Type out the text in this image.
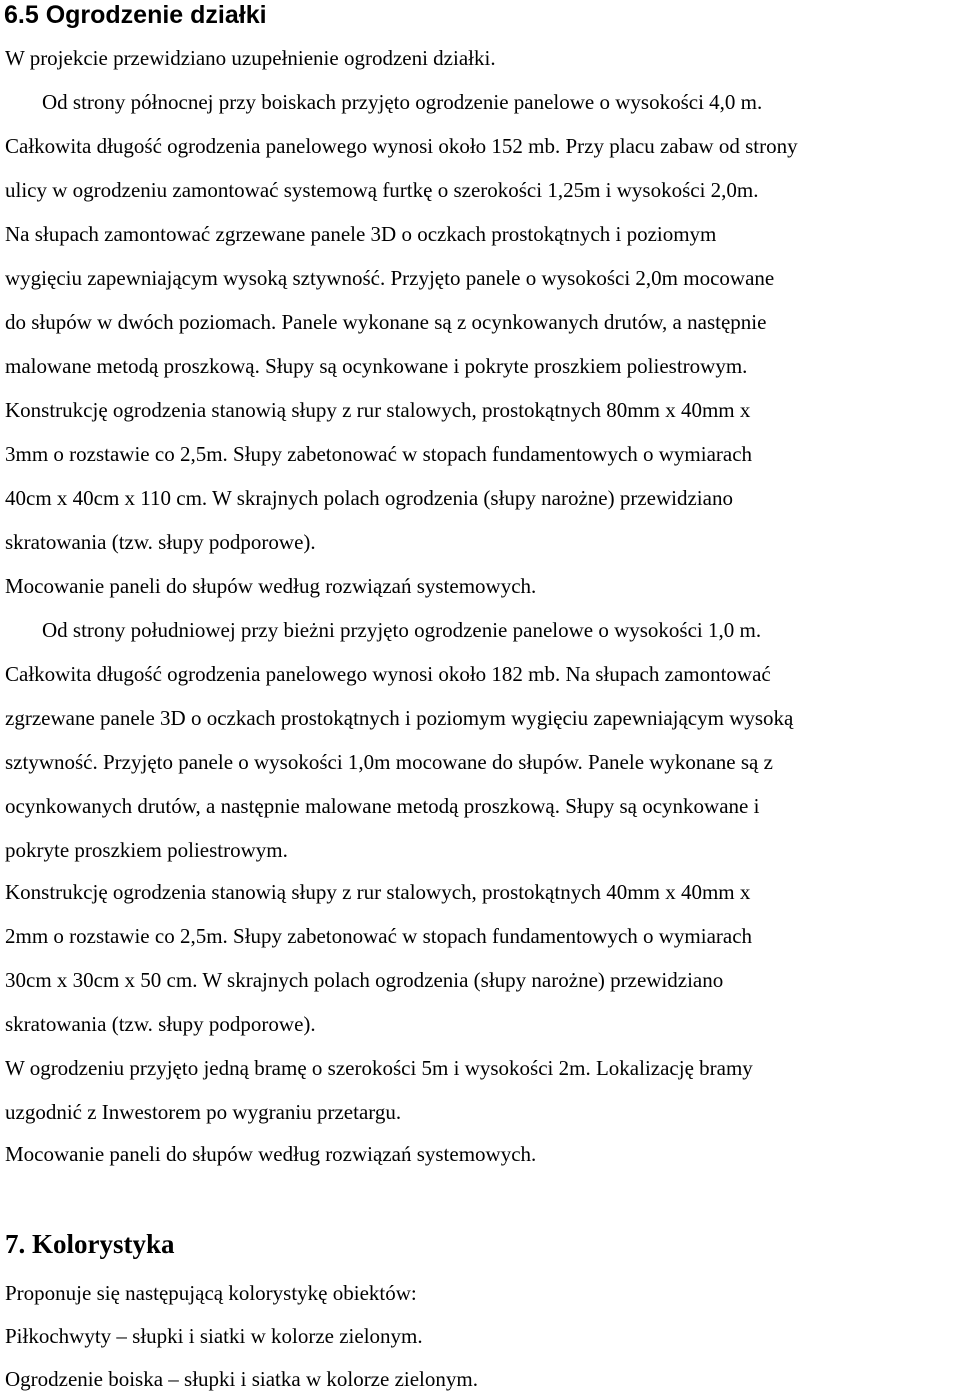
6.5 Ogrodzenie działki

W projekcie przewidziano uzupełnienie ogrodzeni działki.

Od strony północnej przy boiskach przyjęto ogrodzenie panelowe o wysokości 4,0 m.

Całkowita długość ogrodzenia panelowego wynosi około 152 mb. Przy placu zabaw od strony

ulicy w ogrodzeniu zamontować systemową furtkę o szerokości 1,25m i wysokości 2,0m.

Na słupach zamontować zgrzewane panele 3D o oczkach prostokątnych i poziomym

wygięciu zapewniającym wysoką sztywność. Przyjęto panele o wysokości 2,0m mocowane

do słupów w dwóch poziomach. Panele wykonane są z ocynkowanych drutów, a następnie

malowane metodą proszkową. Słupy są ocynkowane i pokryte proszkiem poliestrowym.

Konstrukcję ogrodzenia stanowią słupy z rur stalowych, prostokątnych 80mm x 40mm x

3mm o rozstawie co 2,5m. Słupy zabetonować w stopach fundamentowych o wymiarach

40cm x 40cm x 110 cm. W skrajnych polach ogrodzenia (słupy narożne) przewidziano

skratowania (tzw. słupy podporowe).

Mocowanie paneli do słupów według rozwiązań systemowych.

Od strony południowej przy bieżni przyjęto ogrodzenie panelowe o wysokości 1,0 m.

Całkowita długość ogrodzenia panelowego wynosi około 182 mb. Na słupach zamontować

zgrzewane panele 3D o oczkach prostokątnych i poziomym wygięciu zapewniającym wysoką

sztywność. Przyjęto panele o wysokości 1,0m mocowane do słupów. Panele wykonane są z

ocynkowanych drutów, a następnie malowane metodą proszkową. Słupy są ocynkowane i

pokryte proszkiem poliestrowym.

Konstrukcję ogrodzenia stanowią słupy z rur stalowych, prostokątnych 40mm x 40mm x

2mm o rozstawie co 2,5m. Słupy zabetonować w stopach fundamentowych o wymiarach

30cm x 30cm x 50 cm. W skrajnych polach ogrodzenia (słupy narożne) przewidziano

skratowania (tzw. słupy podporowe).

W ogrodzeniu przyjęto jedną bramę o szerokości 5m i wysokości 2m. Lokalizację bramy

uzgodnić z Inwestorem po wygraniu przetargu.

Mocowanie paneli do słupów według rozwiązań systemowych.

7. Kolorystyka

Proponuje się następującą kolorystykę obiektów:

Piłkochwyty – słupki i siatki w kolorze zielonym.

Ogrodzenie boiska – słupki i siatka w kolorze zielonym.
